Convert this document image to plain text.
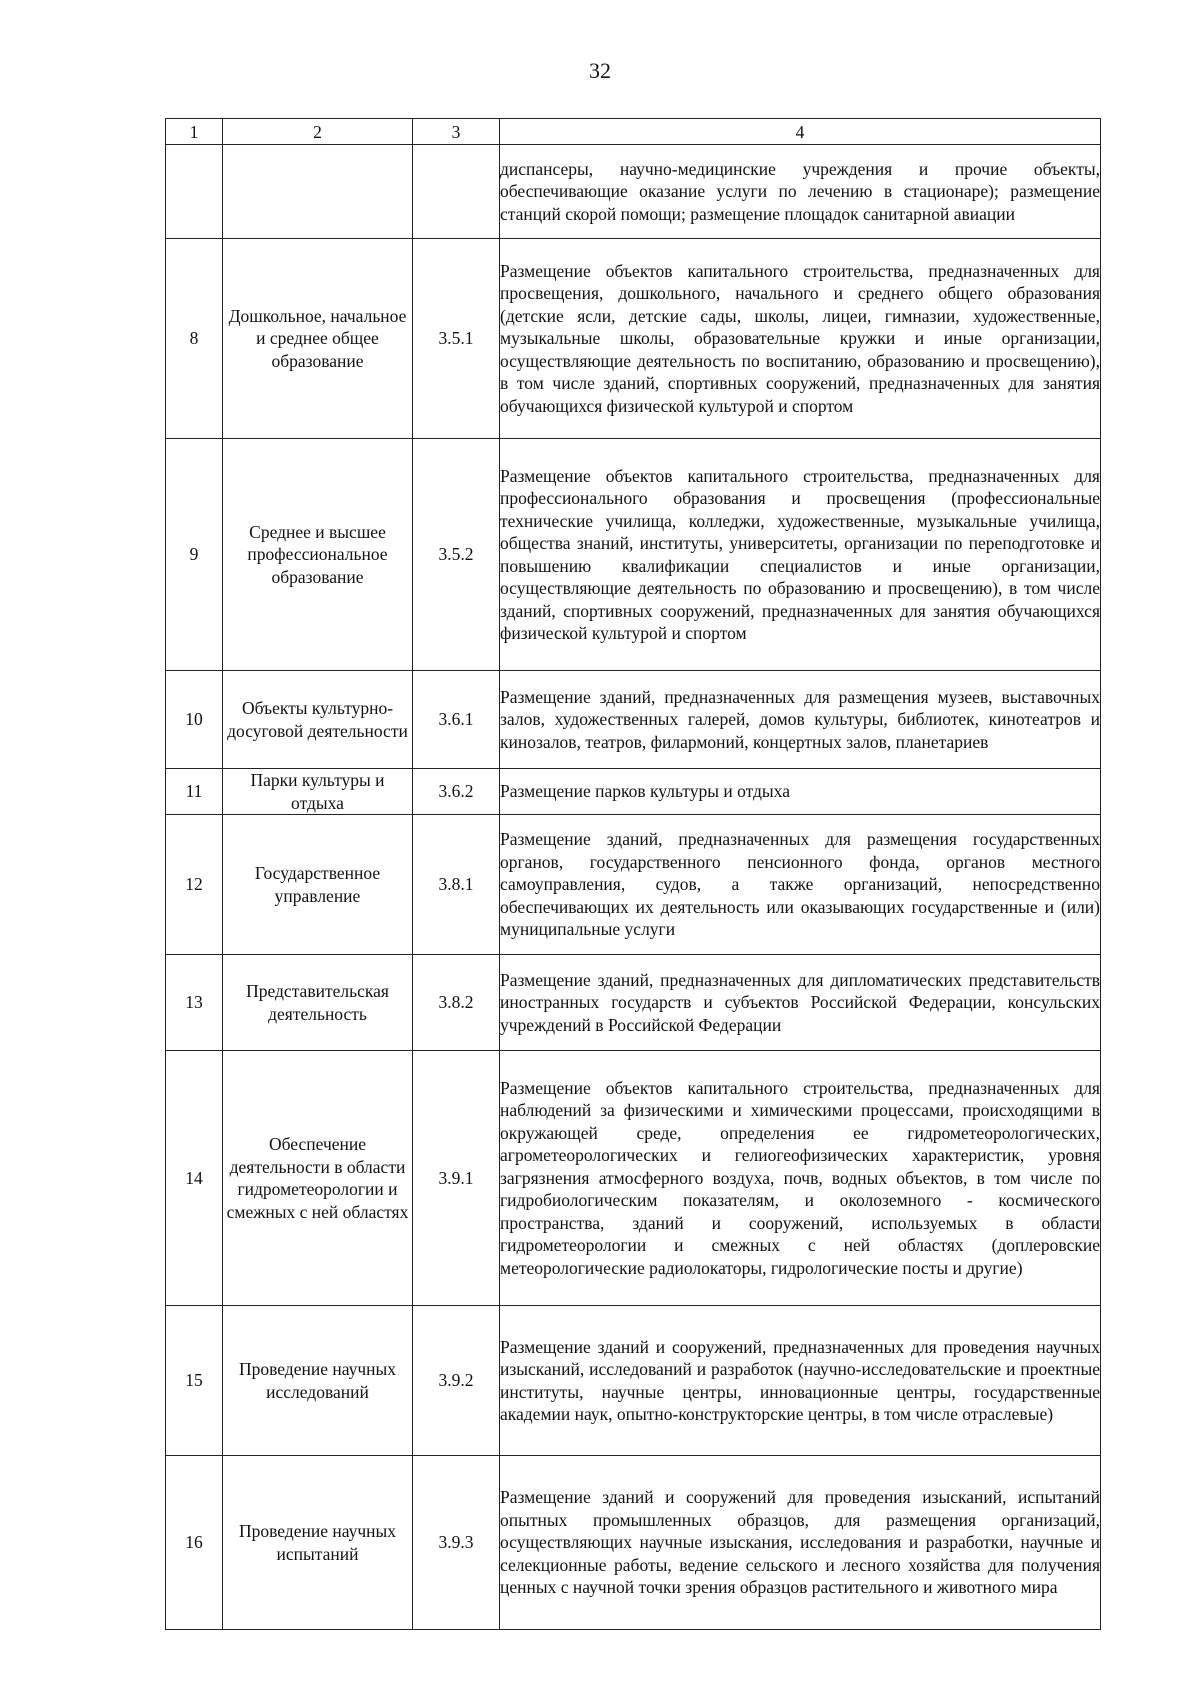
32
1	2	3	4
			диспансеры, научно-медицинские учреждения и прочие объекты, обеспечивающие оказание услуги по лечению в стационаре); размещение станций скорой помощи; размещение площадок санитарной авиации
8	Дошкольное, начальное и среднее общее образование	3.5.1	Размещение объектов капитального строительства, предназначенных для просвещения, дошкольного, начального и среднего общего образования (детские ясли, детские сады, школы, лицеи, гимназии, художественные, музыкальные школы, образовательные кружки и иные организации, осуществляющие деятельность по воспитанию, образованию и просвещению), в том числе зданий, спортивных сооружений, предназначенных для занятия обучающихся физической культурой и спортом
9	Среднее и высшее профессиональное образование	3.5.2	Размещение объектов капитального строительства, предназначенных для профессионального образования и просвещения (профессиональные технические училища, колледжи, художественные, музыкальные училища, общества знаний, институты, университеты, организации по переподготовке и повышению квалификации специалистов и иные организации, осуществляющие деятельность по образованию и просвещению), в том числе зданий, спортивных сооружений, предназначенных для занятия обучающихся физической культурой и спортом
10	Объекты культурно-досуговой деятельности	3.6.1	Размещение зданий, предназначенных для размещения музеев, выставочных залов, художественных галерей, домов культуры, библиотек, кинотеатров и кинозалов, театров, филармоний, концертных залов, планетариев
11	Парки культуры и отдыха	3.6.2	Размещение парков культуры и отдыха
12	Государственное управление	3.8.1	Размещение зданий, предназначенных для размещения государственных органов, государственного пенсионного фонда, органов местного самоуправления, судов, а также организаций, непосредственно обеспечивающих их деятельность или оказывающих государственные и (или) муниципальные услуги
13	Представительская деятельность	3.8.2	Размещение зданий, предназначенных для дипломатических представительств иностранных государств и субъектов Российской Федерации, консульских учреждений в Российской Федерации
14	Обеспечение деятельности в области гидрометеорологии и смежных с ней областях	3.9.1	Размещение объектов капитального строительства, предназначенных для наблюдений за физическими и химическими процессами, происходящими в окружающей среде, определения ее гидрометеорологических, агрометеорологических и гелиогеофизических характеристик, уровня загрязнения атмосферного воздуха, почв, водных объектов, в том числе по гидробиологическим показателям, и околоземного - космического пространства, зданий и сооружений, используемых в области гидрометеорологии и смежных с ней областях (доплеровские метеорологические радиолокаторы, гидрологические посты и другие)
15	Проведение научных исследований	3.9.2	Размещение зданий и сооружений, предназначенных для проведения научных изысканий, исследований и разработок (научно-исследовательские и проектные институты, научные центры, инновационные центры, государственные академии наук, опытно-конструкторские центры, в том числе отраслевые)
16	Проведение научных испытаний	3.9.3	Размещение зданий и сооружений для проведения изысканий, испытаний опытных промышленных образцов, для размещения организаций, осуществляющих научные изыскания, исследования и разработки, научные и селекционные работы, ведение сельского и лесного хозяйства для получения ценных с научной точки зрения образцов растительного и животного мира
